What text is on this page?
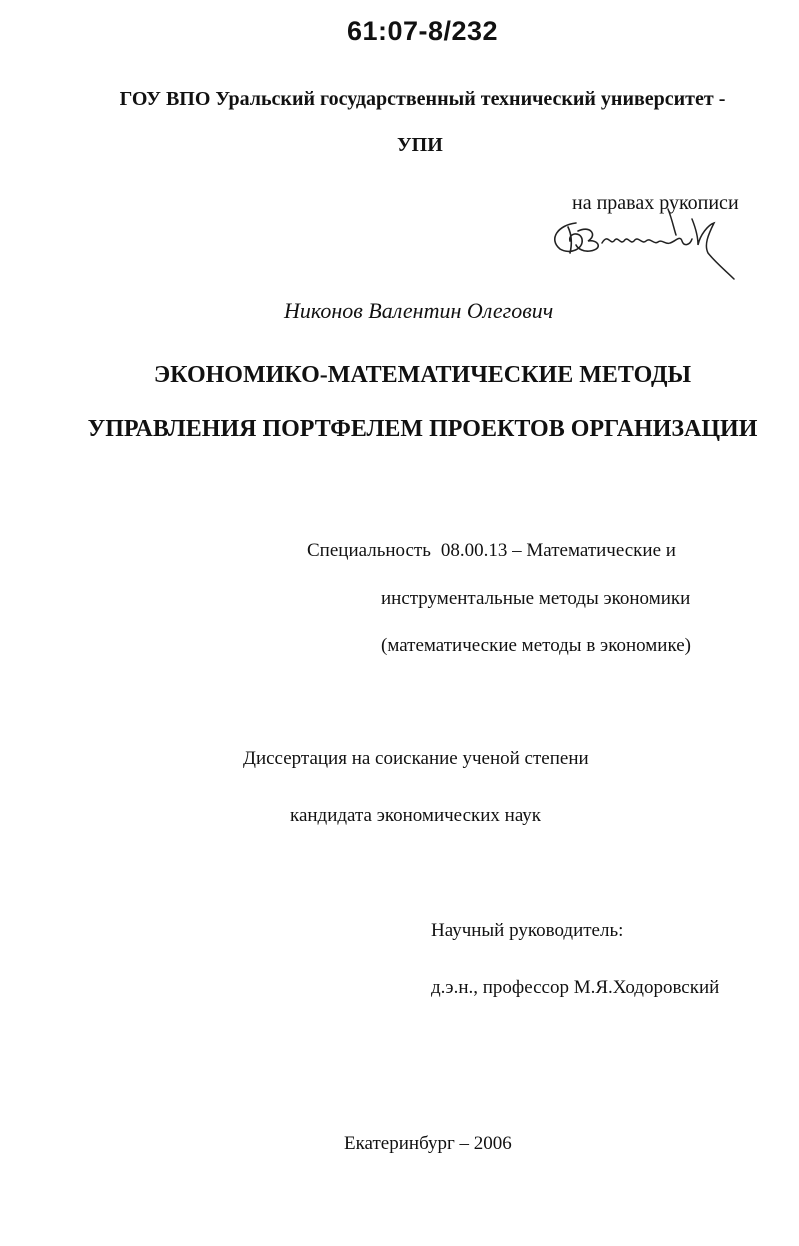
61:07-8/232
ГОУ ВПО Уральский государственный технический университет -
УПИ
на правах рукописи
Никонов Валентин Олегович
ЭКОНОМИКО-МАТЕМАТИЧЕСКИЕ МЕТОДЫ
УПРАВЛЕНИЯ ПОРТФЕЛЕМ ПРОЕКТОВ ОРГАНИЗАЦИИ
Специальность 08.00.13 – Математические и
инструментальные методы экономики
(математические методы в экономике)
Диссертация на соискание ученой степени
кандидата экономических наук
Научный руководитель:
д.э.н., профессор М.Я.Ходоровский
Екатеринбург – 2006
